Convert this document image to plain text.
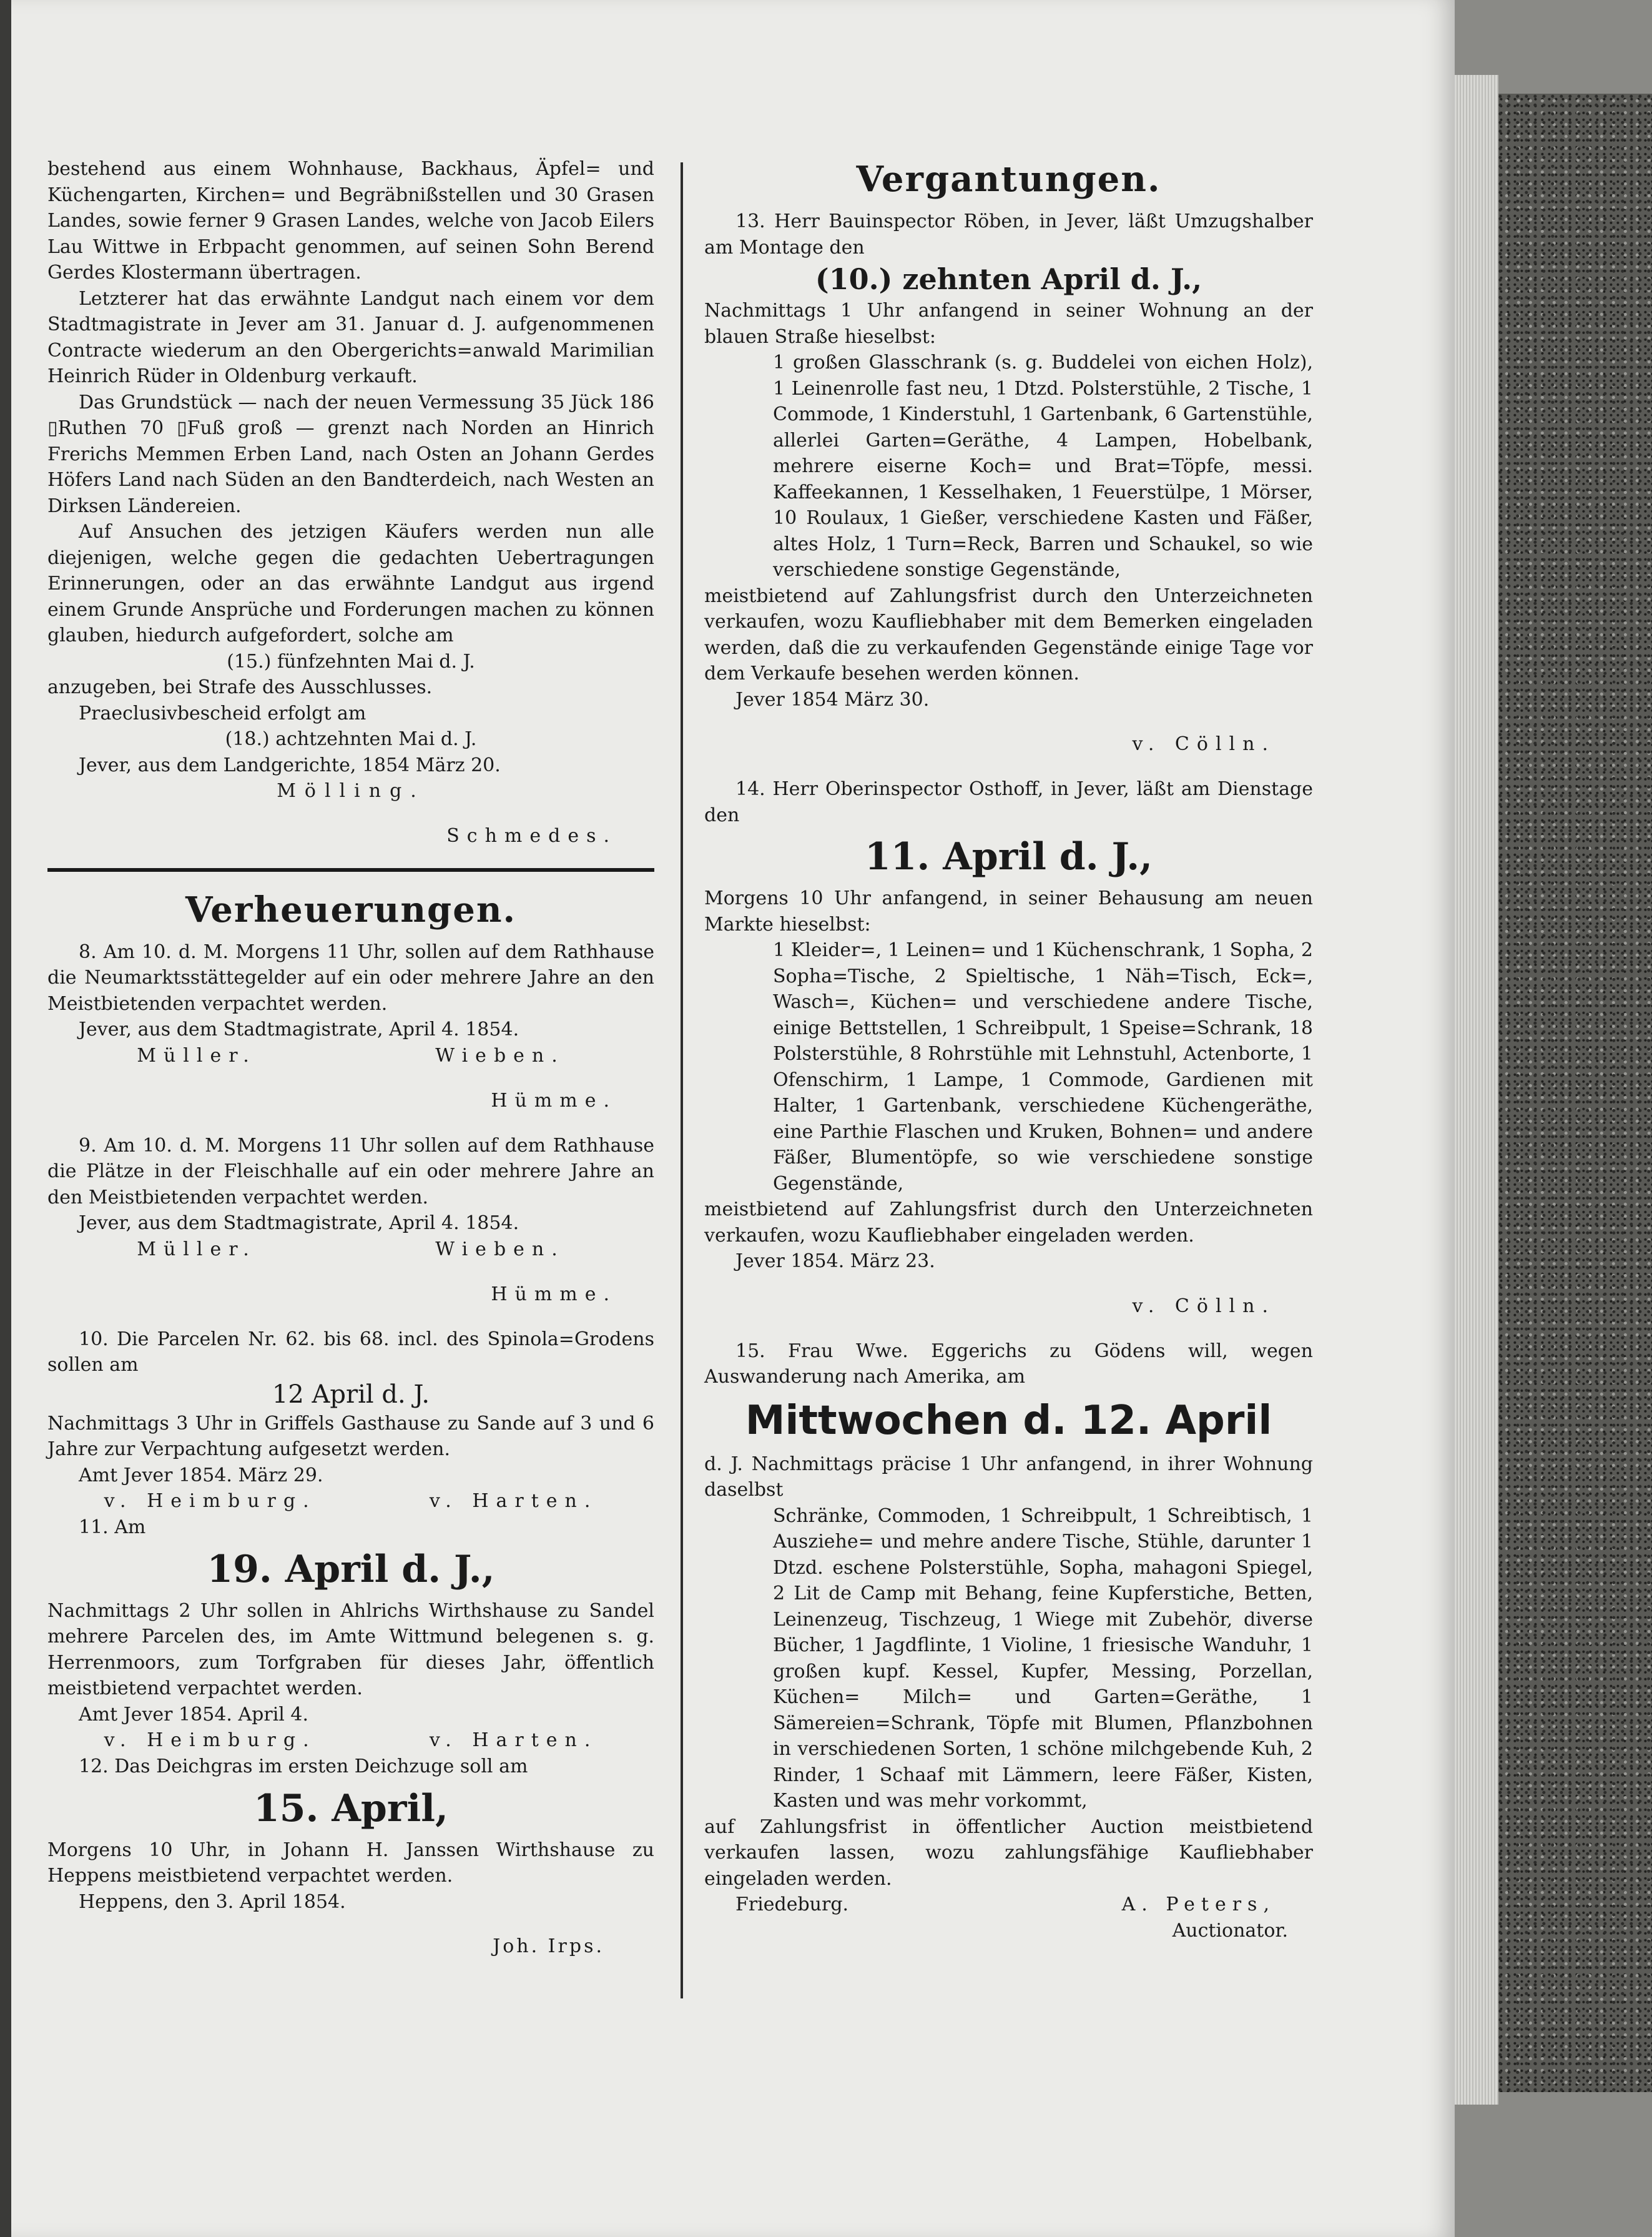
bestehend aus einem Wohnhause, Backhaus, Äpfel= und Küchengarten, Kirchen= und Begräbnißstellen und 30 Grasen Landes, sowie ferner 9 Grasen Landes, welche von Jacob Eilers Lau Wittwe in Erbpacht genommen, auf seinen Sohn Berend Gerdes Klostermann übertragen.

Letzterer hat das erwähnte Landgut nach einem vor dem Stadtmagistrate in Jever am 31. Januar d. J. aufgenommenen Contracte wiederum an den Obergerichts=anwald Marimilian Heinrich Rüder in Oldenburg verkauft.

Das Grundstück — nach der neuen Vermessung 35 Jück 186 ▯Ruthen 70 ▯Fuß groß — grenzt nach Norden an Hinrich Frerichs Memmen Erben Land, nach Osten an Johann Gerdes Höfers Land nach Süden an den Bandterdeich, nach Westen an Dirksen Ländereien.

Auf Ansuchen des jetzigen Käufers werden nun alle diejenigen, welche gegen die gedachten Uebertragungen Erinnerungen, oder an das erwähnte Landgut aus irgend einem Grunde Ansprüche und Forderungen machen zu können glauben, hiedurch aufgefordert, solche am

(15.) fünfzehnten Mai d. J.

anzugeben, bei Strafe des Ausschlusses.

Praeclusivbescheid erfolgt am

(18.) achtzehnten Mai d. J.

Jever, aus dem Landgerichte, 1854 März 20.

Mölling.

Schmedes.

Verheuerungen.

8. Am 10. d. M. Morgens 11 Uhr, sollen auf dem Rathhause die Neumarktsstättegelder auf ein oder mehrere Jahre an den Meistbietenden verpachtet werden.

Jever, aus dem Stadtmagistrate, April 4. 1854.

Müller.	Wieben.

Hümme.

9. Am 10. d. M. Morgens 11 Uhr sollen auf dem Rathhause die Plätze in der Fleischhalle auf ein oder mehrere Jahre an den Meistbietenden verpachtet werden.

Jever, aus dem Stadtmagistrate, April 4. 1854.

Müller.	Wieben.

Hümme.

10. Die Parcelen Nr. 62. bis 68. incl. des Spinola=Grodens sollen am

12 April d. J.

Nachmittags 3 Uhr in Griffels Gasthause zu Sande auf 3 und 6 Jahre zur Verpachtung aufgesetzt werden.

Amt Jever 1854. März 29.

v. Heimburg.	v. Harten.

11. Am

19. April d. J.,

Nachmittags 2 Uhr sollen in Ahlrichs Wirthshause zu Sandel mehrere Parcelen des, im Amte Wittmund belegenen s. g. Herrenmoors, zum Torfgraben für dieses Jahr, öffentlich meistbietend verpachtet werden.

Amt Jever 1854. April 4.

v. Heimburg.	v. Harten.

12. Das Deichgras im ersten Deichzuge soll am

15. April,

Morgens 10 Uhr, in Johann H. Janssen Wirthshause zu Heppens meistbietend verpachtet werden.

Heppens, den 3. April 1854.

Joh. Irps.

Vergantungen.

13. Herr Bauinspector Röben, in Jever, läßt Umzugshalber am Montage den

(10.) zehnten April d. J.,

Nachmittags 1 Uhr anfangend in seiner Wohnung an der blauen Straße hieselbst:

1 großen Glasschrank (s. g. Buddelei von eichen Holz), 1 Leinenrolle fast neu, 1 Dtzd. Polsterstühle, 2 Tische, 1 Commode, 1 Kinderstuhl, 1 Gartenbank, 6 Gartenstühle, allerlei Garten=Geräthe, 4 Lampen, Hobelbank, mehrere eiserne Koch= und Brat=Töpfe, messi. Kaffeekannen, 1 Kesselhaken, 1 Feuerstülpe, 1 Mörser, 10 Roulaux, 1 Gießer, verschiedene Kasten und Fäßer, altes Holz, 1 Turn=Reck, Barren und Schaukel, so wie verschiedene sonstige Gegenstände,

meistbietend auf Zahlungsfrist durch den Unterzeichneten verkaufen, wozu Kaufliebhaber mit dem Bemerken eingeladen werden, daß die zu verkaufenden Gegenstände einige Tage vor dem Verkaufe besehen werden können.

Jever 1854 März 30.

v. Cölln.

14. Herr Oberinspector Osthoff, in Jever, läßt am Dienstage den

11. April d. J.,

Morgens 10 Uhr anfangend, in seiner Behausung am neuen Markte hieselbst:

1 Kleider=, 1 Leinen= und 1 Küchenschrank, 1 Sopha, 2 Sopha=Tische, 2 Spieltische, 1 Näh=Tisch, Eck=, Wasch=, Küchen= und verschiedene andere Tische, einige Bettstellen, 1 Schreibpult, 1 Speise=Schrank, 18 Polsterstühle, 8 Rohrstühle mit Lehnstuhl, Actenborte, 1 Ofenschirm, 1 Lampe, 1 Commode, Gardienen mit Halter, 1 Gartenbank, verschiedene Küchengeräthe, eine Parthie Flaschen und Kruken, Bohnen= und andere Fäßer, Blumentöpfe, so wie verschiedene sonstige Gegenstände,

meistbietend auf Zahlungsfrist durch den Unterzeichneten verkaufen, wozu Kaufliebhaber eingeladen werden.

Jever 1854. März 23.

v. Cölln.

15. Frau Wwe. Eggerichs zu Gödens will, wegen Auswanderung nach Amerika, am

Mittwochen d. 12. April

d. J. Nachmittags präcise 1 Uhr anfangend, in ihrer Wohnung daselbst

Schränke, Commoden, 1 Schreibpult, 1 Schreibtisch, 1 Ausziehe= und mehre andere Tische, Stühle, darunter 1 Dtzd. eschene Polsterstühle, Sopha, mahagoni Spiegel, 2 Lit de Camp mit Behang, feine Kupferstiche, Betten, Leinenzeug, Tischzeug, 1 Wiege mit Zubehör, diverse Bücher, 1 Jagdflinte, 1 Violine, 1 friesische Wanduhr, 1 großen kupf. Kessel, Kupfer, Messing, Porzellan, Küchen= Milch= und Garten=Geräthe, 1 Sämereien=Schrank, Töpfe mit Blumen, Pflanzbohnen in verschiedenen Sorten, 1 schöne milchgebende Kuh, 2 Rinder, 1 Schaaf mit Lämmern, leere Fäßer, Kisten, Kasten und was mehr vorkommt,

auf Zahlungsfrist in öffentlicher Auction meistbietend verkaufen lassen, wozu zahlungsfähige Kaufliebhaber eingeladen werden.

Friedeburg.	A. Peters,

Auctionator.
